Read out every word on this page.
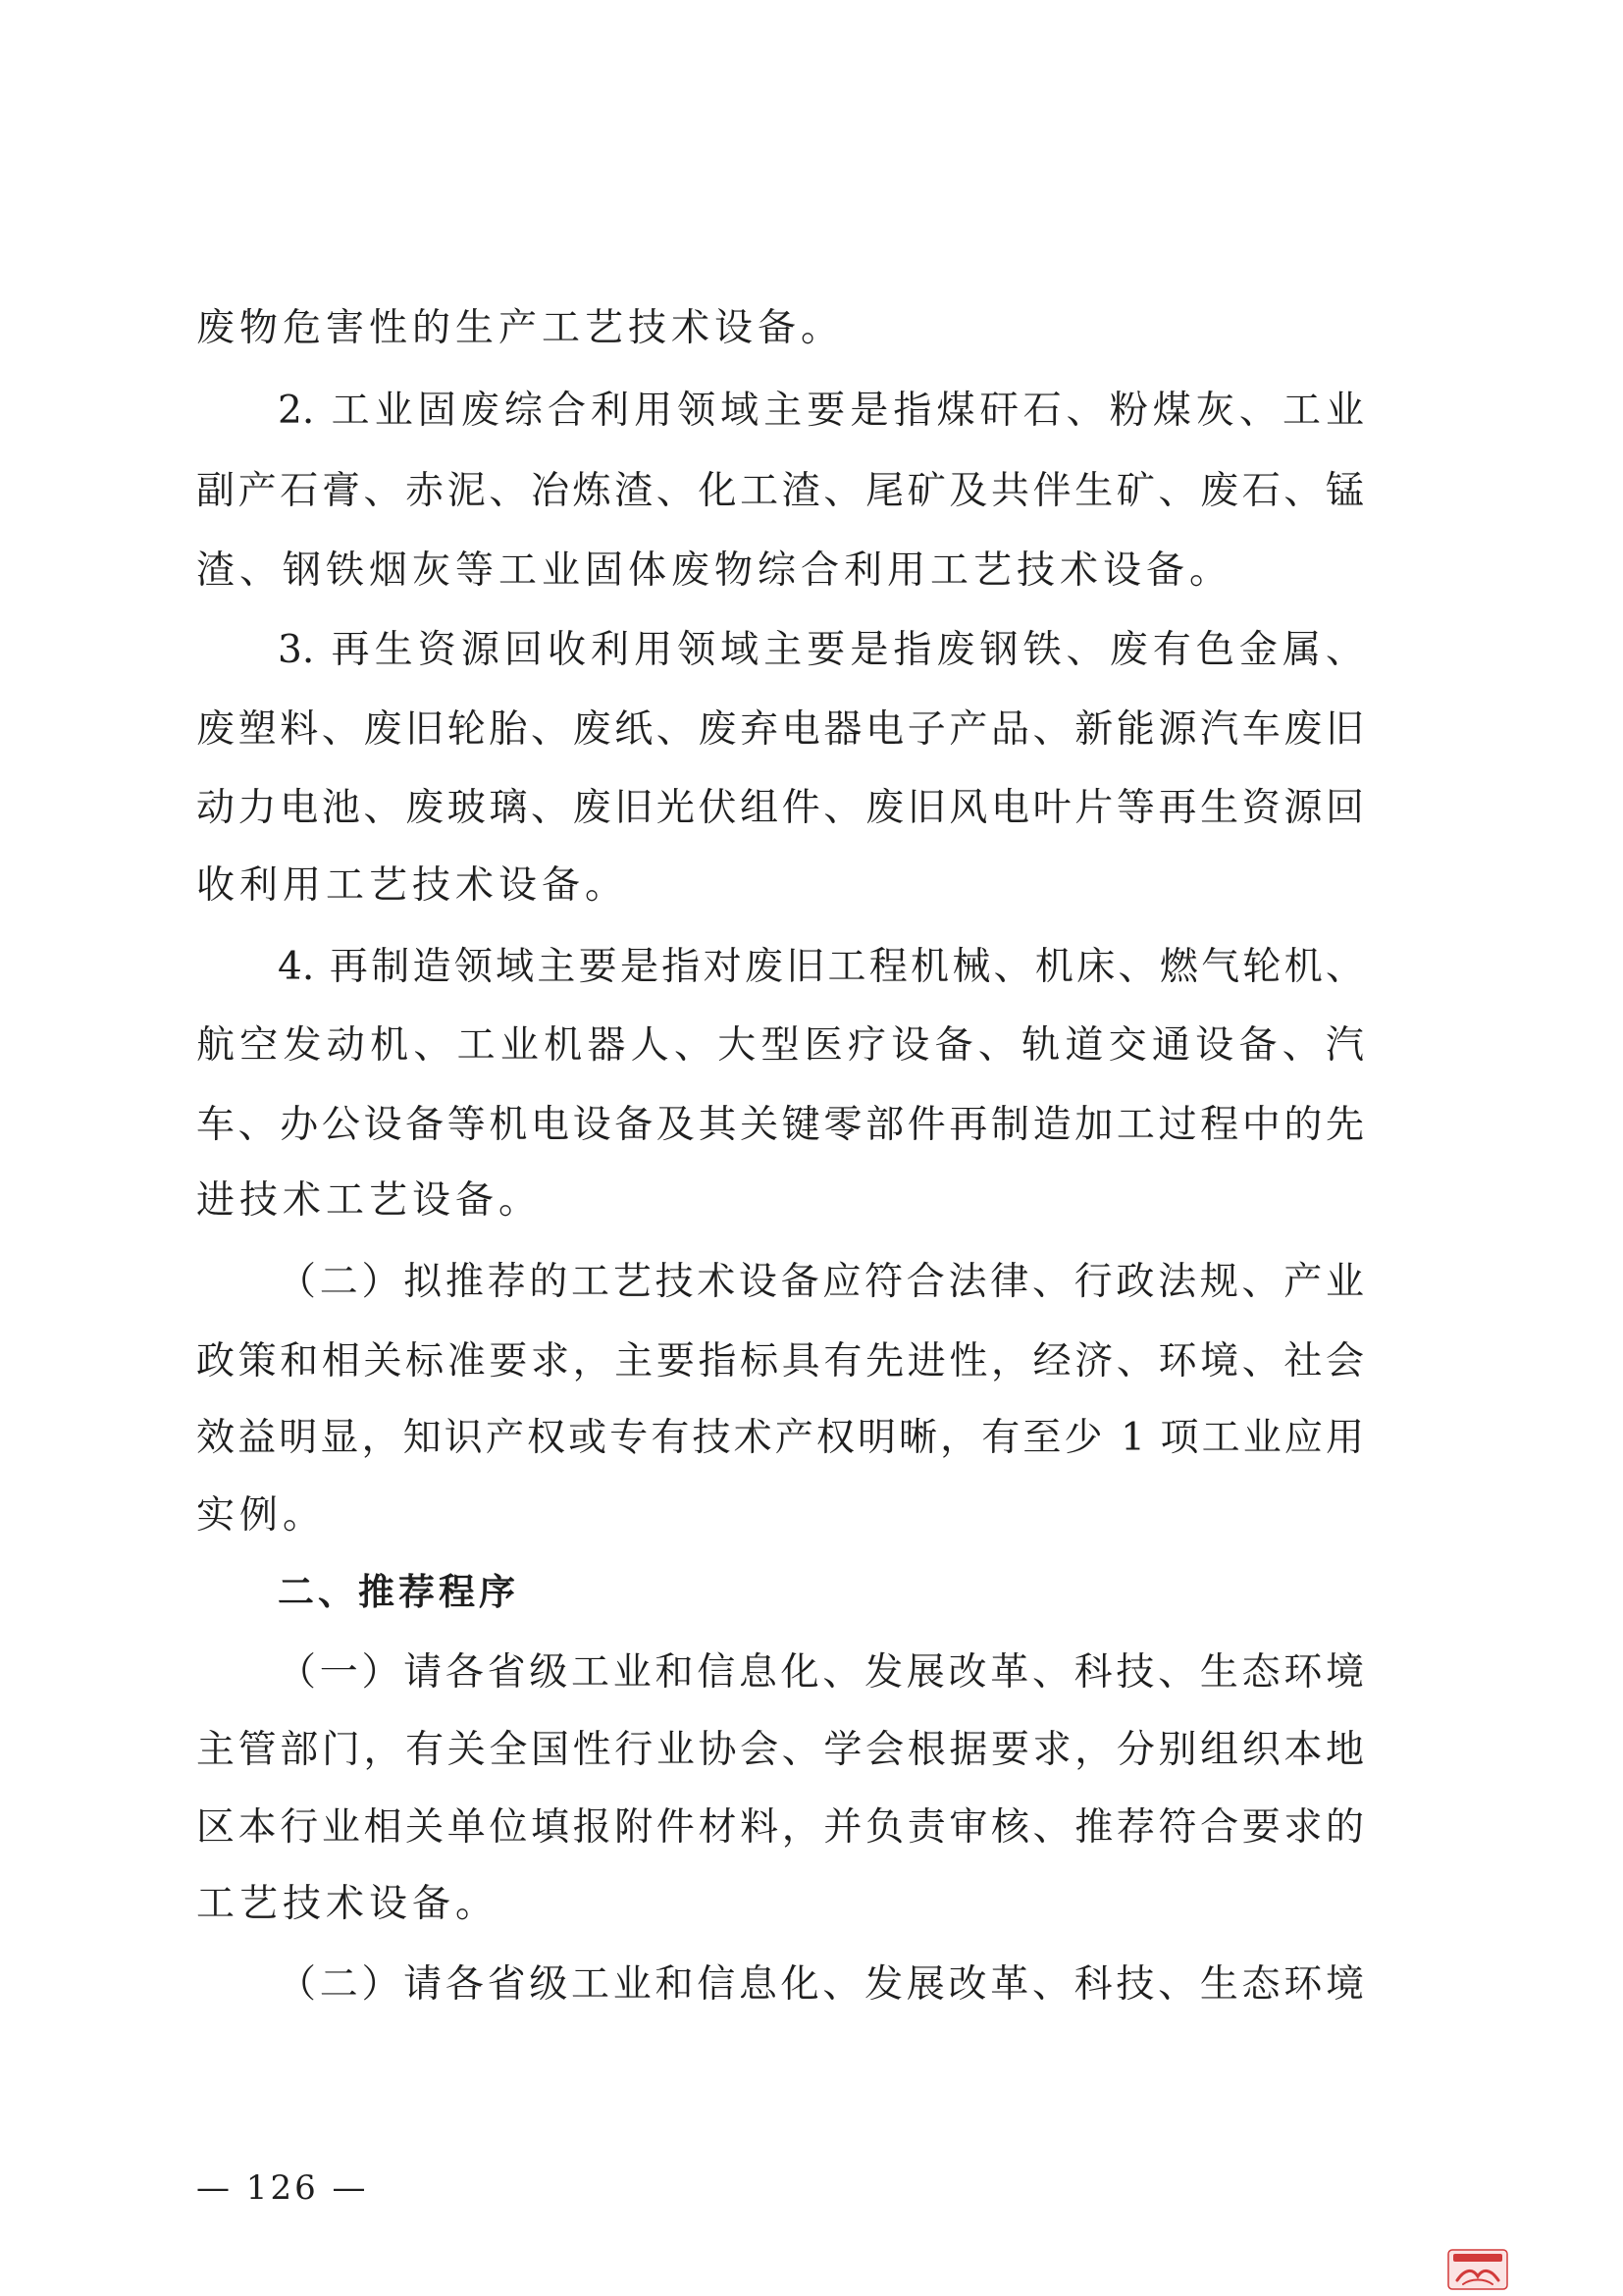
废物危害性的生产工艺技术设备。
2. 工业固废综合利用领域主要是指煤矸石、粉煤灰、工业
副产石膏、赤泥、冶炼渣、化工渣、尾矿及共伴生矿、废石、锰
渣、钢铁烟灰等工业固体废物综合利用工艺技术设备。
3. 再生资源回收利用领域主要是指废钢铁、废有色金属、
废塑料、废旧轮胎、废纸、废弃电器电子产品、新能源汽车废旧
动力电池、废玻璃、废旧光伏组件、废旧风电叶片等再生资源回
收利用工艺技术设备。
4. 再制造领域主要是指对废旧工程机械、机床、燃气轮机、
航空发动机、工业机器人、大型医疗设备、轨道交通设备、汽
车、办公设备等机电设备及其关键零部件再制造加工过程中的先
进技术工艺设备。
（二）拟推荐的工艺技术设备应符合法律、行政法规、产业
政策和相关标准要求，主要指标具有先进性，经济、环境、社会
效益明显，知识产权或专有技术产权明晰，有至少 1 项工业应用
实例。
二、推荐程序
（一）请各省级工业和信息化、发展改革、科技、生态环境
主管部门，有关全国性行业协会、学会根据要求，分别组织本地
区本行业相关单位填报附件材料，并负责审核、推荐符合要求的
工艺技术设备。
（二）请各省级工业和信息化、发展改革、科技、生态环境
— 126 —
